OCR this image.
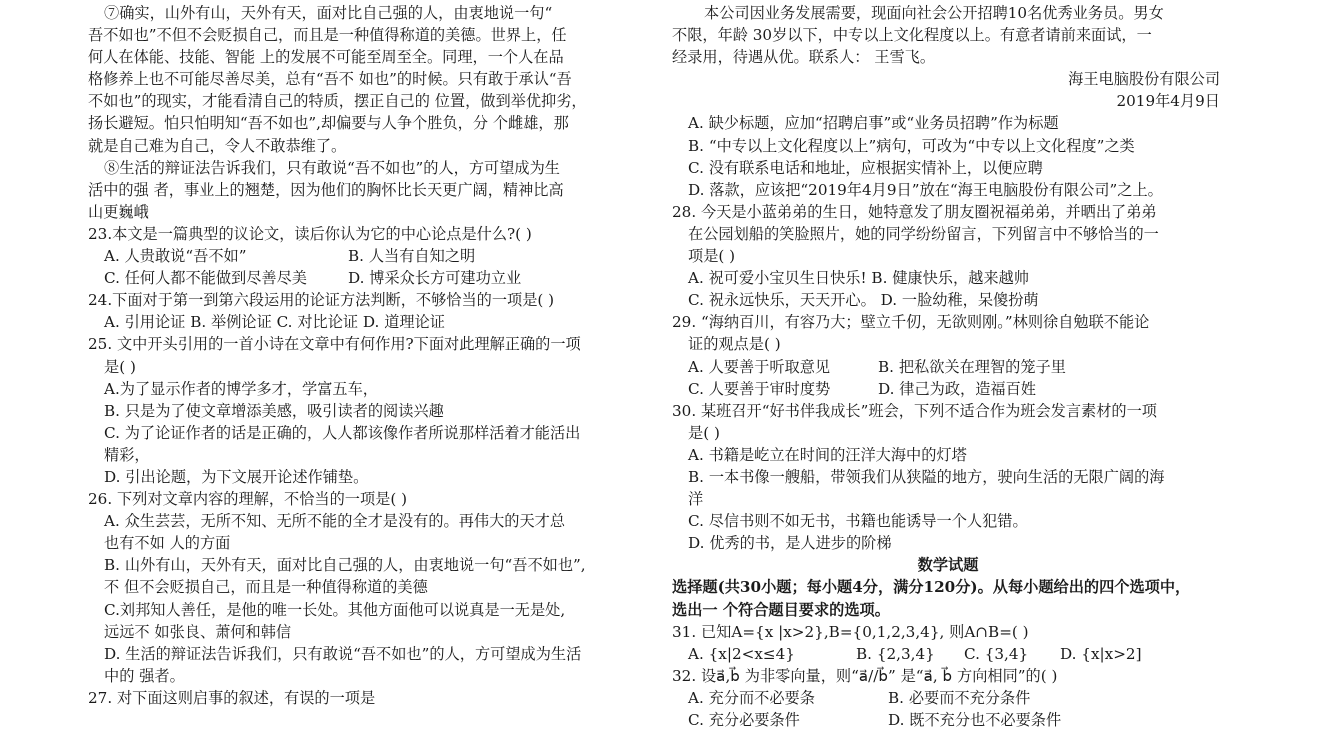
⑦确实，山外有山，天外有天，面对比自己强的人，由衷地说一句“
吾不如也”不但不会贬损自己，而且是一种值得称道的美德。世界上，任
何人在体能、技能、智能 上的发展不可能至周至全。同理，一个人在品
格修养上也不可能尽善尽美，总有“吾不 如也”的时候。只有敢于承认“吾
不如也”的现实，才能看清自己的特质，摆正自己的 位置，做到举优抑劣，
扬长避短。怕只怕明知“吾不如也”,却偏要与人争个胜负，分 个雌雄，那
就是自己难为自己，令人不敢恭维了。
⑧生活的辩证法告诉我们，只有敢说“吾不如也”的人，方可望成为生
活中的强 者，事业上的翘楚，因为他们的胸怀比长天更广阔，精神比高
山更巍峨
23.本文是一篇典型的议论文，读后你认为它的中心论点是什么?( )
A. 人贵敢说“吾不如”	B. 人当有自知之明
C. 任何人都不能做到尽善尽美	D. 博采众长方可建功立业
24.下面对于第一到第六段运用的论证方法判断，不够恰当的一项是( )
A. 引用论证 B. 举例论证 C. 对比论证 D. 道理论证
25. 文中开头引用的一首小诗在文章中有何作用?下面对此理解正确的一项
是( )
A.为了显示作者的博学多才，学富五车，
B. 只是为了使文章增添美感，吸引读者的阅读兴趣
C. 为了论证作者的话是正确的，人人都该像作者所说那样活着才能活出
精彩，
D. 引出论题，为下文展开论述作铺垫。
26. 下列对文章内容的理解，不恰当的一项是( )
A. 众生芸芸，无所不知、无所不能的全才是没有的。再伟大的天才总
也有不如 人的方面
B. 山外有山，天外有天，面对比自己强的人，由衷地说一句“吾不如也”,
不 但不会贬损自己，而且是一种值得称道的美德
C.刘邦知人善任，是他的唯一长处。其他方面他可以说真是一无是处,
远远不 如张良、萧何和韩信
D. 生活的辩证法告诉我们，只有敢说“吾不如也”的人，方可望成为生活
中的 强者。
27. 对下面这则启事的叙述，有误的一项是
本公司因业务发展需要，现面向社会公开招聘10名优秀业务员。男女
不限，年龄 30岁以下，中专以上文化程度以上。有意者请前来面试，一
经录用，待遇从优。联系人： 王雪飞。
海王电脑股份有限公司
2019年4月9日
A. 缺少标题，应加“招聘启事”或“业务员招聘”作为标题
B. “中专以上文化程度以上”病句，可改为“中专以上文化程度”之类
C. 没有联系电话和地址，应根据实情补上，以便应聘
D. 落款，应该把“2019年4月9日”放在“海王电脑股份有限公司”之上。
28. 今天是小蓝弟弟的生日，她特意发了朋友圈祝福弟弟，并晒出了弟弟
在公园划船的笑脸照片，她的同学纷纷留言，下列留言中不够恰当的一
项是( )
A. 祝可爱小宝贝生日快乐! B. 健康快乐，越来越帅
C. 祝永远快乐，天天开心。 D. 一脸幼稚，呆傻扮萌
29. “海纳百川，有容乃大；壁立千仞，无欲则刚。”林则徐自勉联不能论
证的观点是( )
A. 人要善于听取意见	B. 把私欲关在理智的笼子里
C. 人要善于审时度势	D. 律己为政，造福百姓
30. 某班召开“好书伴我成长”班会，下列不适合作为班会发言素材的一项
是( )
A. 书籍是屹立在时间的汪洋大海中的灯塔
B. 一本书像一艘船，带领我们从狭隘的地方，驶向生活的无限广阔的海
洋
C. 尽信书则不如无书，书籍也能诱导一个人犯错。
D. 优秀的书，是人进步的阶梯
数学试题
选择题(共30小题；每小题4分，满分120分)。从每小题给出的四个选项中，
选出一 个符合题目要求的选项。
31. 已知A={x |x>2},B={0,1,2,3,4}, 则A∩B=( )
A. {x|2<x≤4}	B. {2,3,4}	C. {3,4}	D. {x|x>2]
32. 设a⃗,b⃗ 为非零向量，则“a⃗//b⃗” 是“a⃗, b⃗ 方向相同”的( )
A. 充分而不必要条	B. 必要而不充分条件
C. 充分必要条件	D. 既不充分也不必要条件
